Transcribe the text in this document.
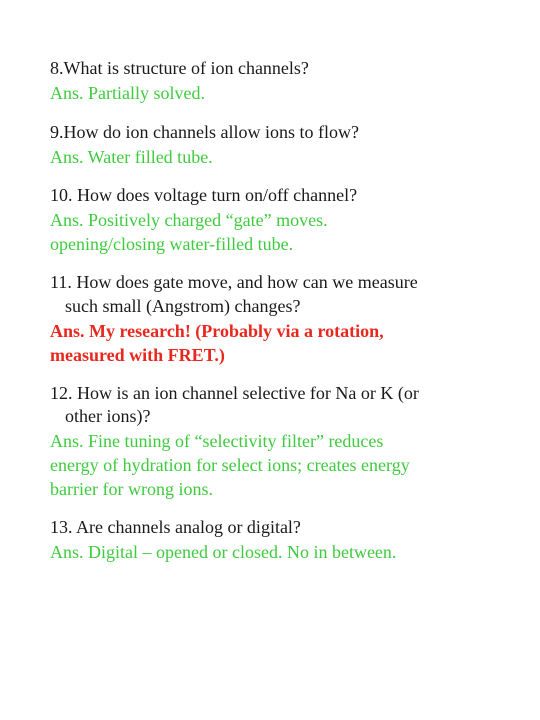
8.What is structure of ion channels?
Ans. Partially solved.
9.How do ion channels allow ions to flow?
Ans. Water filled tube.
10. How does voltage turn on/off channel?
Ans. Positively charged “gate” moves.
opening/closing water-filled tube.
11. How does gate move, and how can we measure
such small (Angstrom) changes?
Ans. My research! (Probably via a rotation,
measured with FRET.)
12. How is an ion channel selective for Na or K (or
other ions)?
Ans. Fine tuning of “selectivity filter” reduces
energy of hydration for select ions; creates energy
barrier for wrong ions.
13. Are channels analog or digital?
Ans. Digital – opened or closed. No in between.
